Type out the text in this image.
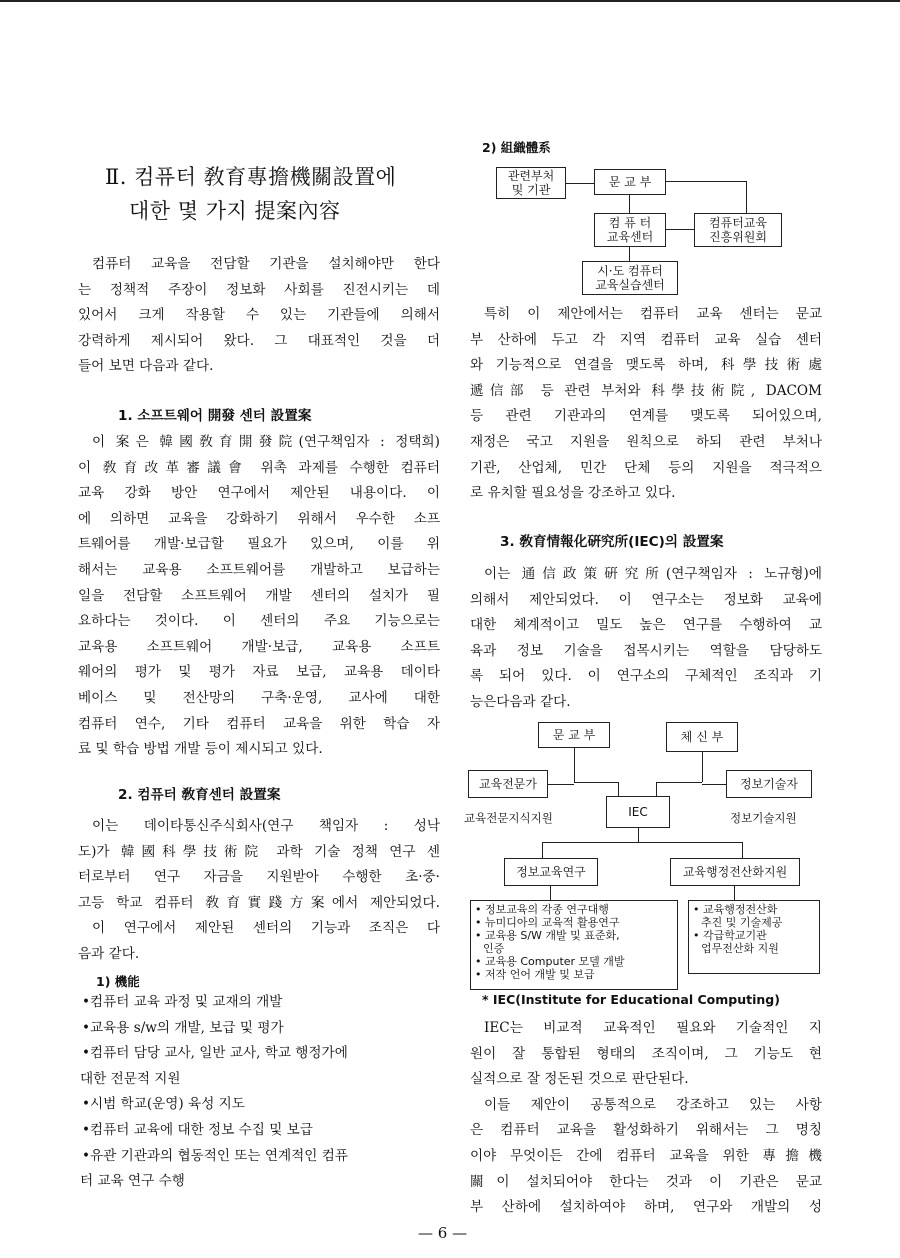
Ⅱ. 컴퓨터 敎育專擔機關設置에
대한 몇 가지 提案內容
컴퓨터 교육을 전담할 기관을 설치해야만 한다
는 정책적 주장이 정보화 사회를 진전시키는 데
있어서 크게 작용할 수 있는 기관들에 의해서
강력하게 제시되어 왔다. 그 대표적인 것을 더
들어 보면 다음과 같다.
1. 소프트웨어 開發 센터 設置案
이 案은 韓國敎育開發院(연구책임자 : 정택희)
이 敎育改革審議會 위촉 과제를 수행한 컴퓨터
교육 강화 방안 연구에서 제안된 내용이다. 이
에 의하면 교육을 강화하기 위해서 우수한 소프
트웨어를 개발·보급할 필요가 있으며, 이를 위
해서는 교육용 소프트웨어를 개발하고 보급하는
일을 전담할 소프트웨어 개발 센터의 설치가 필
요하다는 것이다. 이 센터의 주요 기능으로는
교육용 소프트웨어 개발·보급, 교육용 소프트
웨어의 평가 및 평가 자료 보급, 교육용 데이타
베이스 및 전산망의 구축·운영, 교사에 대한
컴퓨터 연수, 기타 컴퓨터 교육을 위한 학습 자
료 및 학습 방법 개발 등이 제시되고 있다.
2. 컴퓨터 敎育센터 設置案
이는 데이타통신주식회사(연구 책임자 : 성낙
도)가 韓國科學技術院 과학 기술 정책 연구 센
터로부터 연구 자금을 지원받아 수행한 초·중·
고등 학교 컴퓨터 敎育實踐方案에서 제안되었다.
이 연구에서 제안된 센터의 기능과 조직은 다
음과 같다.
1) 機能
•컴퓨터 교육 과정 및 교재의 개발
•교육용 s/w의 개발, 보급 및 평가
•컴퓨터 담당 교사, 일반 교사, 학교 행정가에
대한 전문적 지원
•시범 학교(운영) 육성 지도
•컴퓨터 교육에 대한 정보 수집 및 보급
•유관 기관과의 협동적인 또는 연계적인 컴퓨
터 교육 연구 수행
2) 組織體系
관련부처
및 기관
문 교 부
컴 퓨 터
교육센터
컴퓨터교육
진흥위원회
시·도 컴퓨터
교육실습센터
특히 이 제안에서는 컴퓨터 교육 센터는 문교
부 산하에 두고 각 지역 컴퓨터 교육 실습 센터
와 기능적으로 연결을 맺도록 하며, 科學技術處
遞信部 등 관련 부처와 科學技術院, DACOM
등 관련 기관과의 연계를 맺도록 되어있으며,
재정은 국고 지원을 원칙으로 하되 관련 부처나
기관, 산업체, 민간 단체 등의 지원을 적극적으
로 유치할 필요성을 강조하고 있다.
3. 敎育情報化硏究所(IEC)의 設置案
이는 通信政策硏究所(연구책임자 : 노규형)에
의해서 제안되었다. 이 연구소는 정보화 교육에
대한 체계적이고 밀도 높은 연구를 수행하여 교
육과 정보 기술을 접목시키는 역할을 담당하도
록 되어 있다. 이 연구소의 구체적인 조직과 기
능은다음과 같다.
문 교 부	체 신 부
교육전문가
교육전문지식지원
정보기술자
정보기술지원
IEC
정보교육연구	교육행정전산화지원
• 정보교육의 각종 연구대행
• 뉴미디아의 교육적 활용연구
• 교육용 S/W 개발 및 표준화,
인증
• 교육용 Computer 모델 개발
• 저작 언어 개발 및 보급
• 교육행정전산화
추진 및 기술제공
• 각급학교기관
업무전산화 지원
* IEC(Institute for Educational Computing)
IEC는 비교적 교육적인 필요와 기술적인 지
원이 잘 통합된 형태의 조직이며, 그 기능도 현
실적으로 잘 정돈된 것으로 판단된다.
이들 제안이 공통적으로 강조하고 있는 사항
은 컴퓨터 교육을 활성화하기 위해서는 그 명칭
이야 무엇이든 간에 컴퓨터 교육을 위한 專擔機
關이 설치되어야 한다는 것과 이 기관은 문교
부 산하에 설치하여야 하며, 연구와 개발의 성
— 6 —
